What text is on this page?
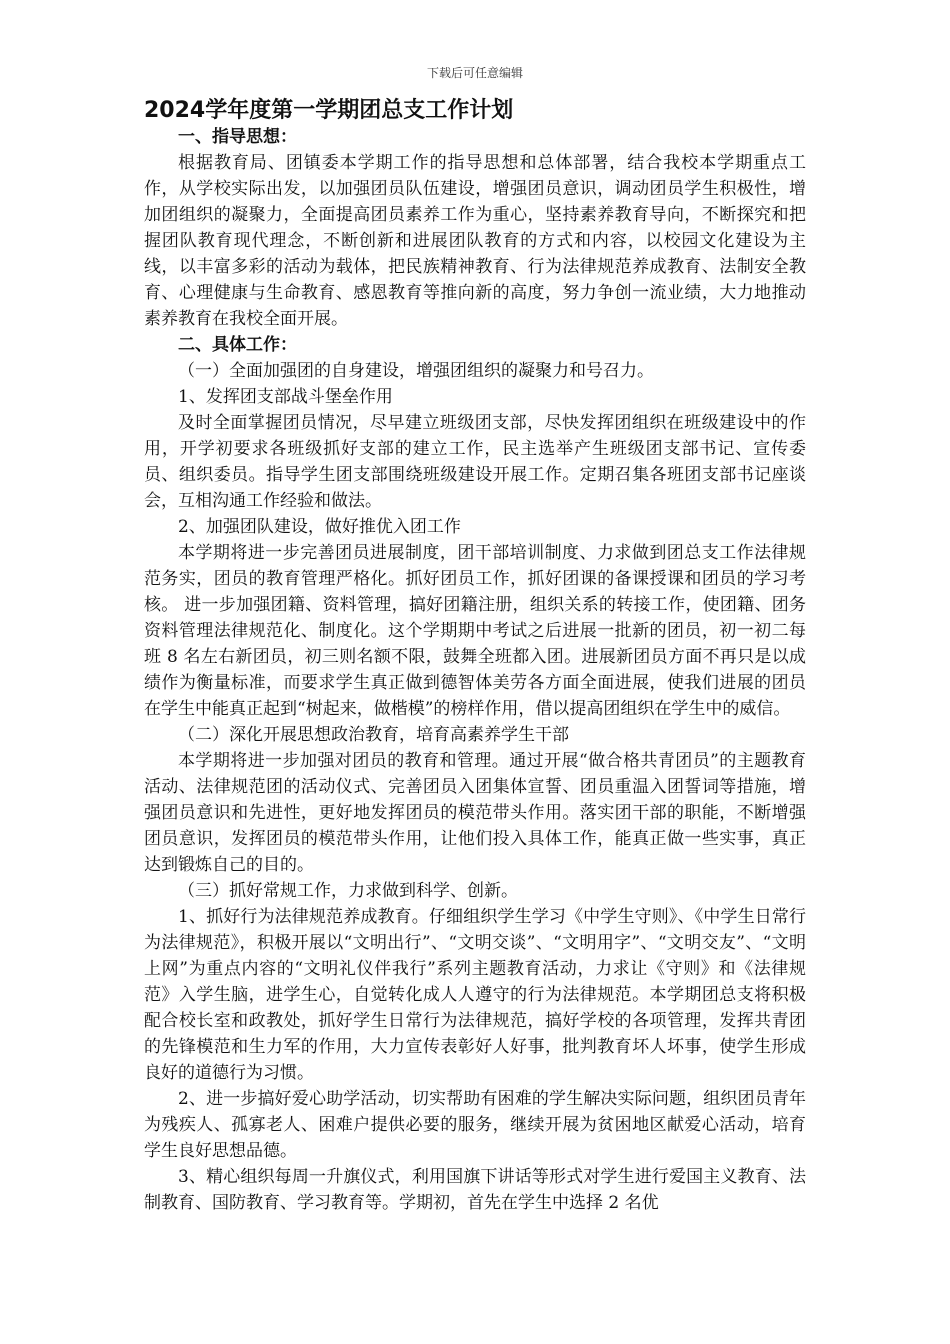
下载后可任意编辑
2024学年度第一学期团总支工作计划

一、指导思想：

根据教育局、团镇委本学期工作的指导思想和总体部署，结合我校本学期重点工作，从学校实际出发，以加强团员队伍建设，增强团员意识，调动团员学生积极性，增加团组织的凝聚力，全面提高团员素养工作为重心，坚持素养教育导向，不断探究和把握团队教育现代理念，不断创新和进展团队教育的方式和内容，以校园文化建设为主线，以丰富多彩的活动为载体，把民族精神教育、行为法律规范养成教育、法制安全教育、心理健康与生命教育、感恩教育等推向新的高度，努力争创一流业绩，大力地推动素养教育在我校全面开展。

二、具体工作：

（一）全面加强团的自身建设，增强团组织的凝聚力和号召力。

1、发挥团支部战斗堡垒作用

及时全面掌握团员情况，尽早建立班级团支部，尽快发挥团组织在班级建设中的作用，开学初要求各班级抓好支部的建立工作，民主选举产生班级团支部书记、宣传委员、组织委员。指导学生团支部围绕班级建设开展工作。定期召集各班团支部书记座谈会，互相沟通工作经验和做法。

2、加强团队建设，做好推优入团工作

本学期将进一步完善团员进展制度，团干部培训制度、力求做到团总支工作法律规范务实，团员的教育管理严格化。抓好团员工作，抓好团课的备课授课和团员的学习考核。 进一步加强团籍、资料管理，搞好团籍注册，组织关系的转接工作，使团籍、团务资料管理法律规范化、制度化。这个学期期中考试之后进展一批新的团员，初一初二每班 8 名左右新团员，初三则名额不限，鼓舞全班都入团。进展新团员方面不再只是以成绩作为衡量标准，而要求学生真正做到德智体美劳各方面全面进展，使我们进展的团员在学生中能真正起到“树起来，做楷模”的榜样作用，借以提高团组织在学生中的威信。

（二）深化开展思想政治教育，培育高素养学生干部

本学期将进一步加强对团员的教育和管理。通过开展“做合格共青团员”的主题教育活动、法律规范团的活动仪式、完善团员入团集体宣誓、团员重温入团誓词等措施，增强团员意识和先进性，更好地发挥团员的模范带头作用。落实团干部的职能，不断增强团员意识，发挥团员的模范带头作用，让他们投入具体工作，能真正做一些实事，真正达到锻炼自己的目的。

（三）抓好常规工作，力求做到科学、创新。

1、抓好行为法律规范养成教育。仔细组织学生学习《中学生守则》、《中学生日常行为法律规范》，积极开展以“文明出行”、“文明交谈”、“文明用字”、“文明交友”、“文明上网”为重点内容的“文明礼仪伴我行”系列主题教育活动，力求让《守则》和《法律规范》入学生脑，进学生心，自觉转化成人人遵守的行为法律规范。本学期团总支将积极配合校长室和政教处，抓好学生日常行为法律规范，搞好学校的各项管理，发挥共青团的先锋模范和生力军的作用，大力宣传表彰好人好事，批判教育坏人坏事，使学生形成良好的道德行为习惯。

2、进一步搞好爱心助学活动，切实帮助有困难的学生解决实际问题，组织团员青年为残疾人、孤寡老人、困难户提供必要的服务，继续开展为贫困地区献爱心活动，培育学生良好思想品德。

3、精心组织每周一升旗仪式，利用国旗下讲话等形式对学生进行爱国主义教育、法制教育、国防教育、学习教育等。学期初，首先在学生中选择 2 名优
